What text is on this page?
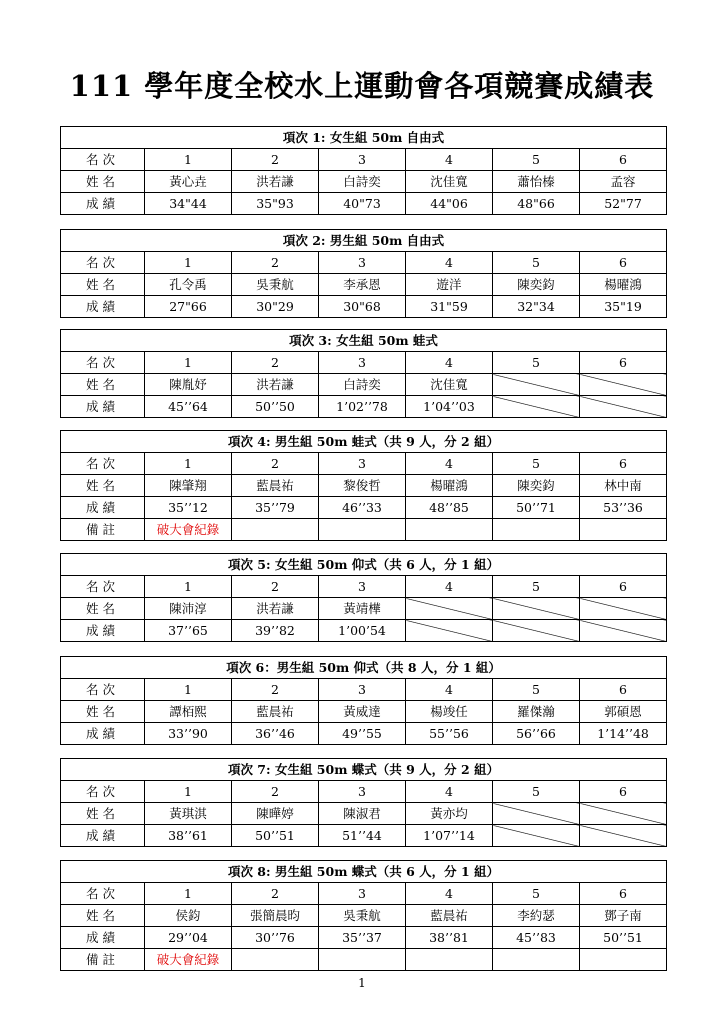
111 學年度全校水上運動會各項競賽成績表
項次 1: 女生組 50m 自由式						
名次	1	2	3	4	5	6
姓名	黃心垚	洪若謙	白詩奕	沈佳寬	蕭怡榛	孟容
成績	34"44	35"93	40"73	44"06	48"66	52"77
項次 2: 男生組 50m 自由式						
名次	1	2	3	4	5	6
姓名	孔令禹	吳秉航	李承恩	遊洋	陳奕鈞	楊曜鴻
成績	27"66	30"29	30"68	31"59	32"34	35"19
項次 3: 女生組 50m 蛙式						
名次	1	2	3	4	5	6
姓名	陳胤妤	洪若謙	白詩奕	沈佳寬		
成績	45’’64	50’’50	1’02’’78	1’04’’03		
項次 4: 男生組 50m 蛙式（共 9 人，分 2 組）						
名次	1	2	3	4	5	6
姓名	陳肇翔	藍晨祐	黎俊哲	楊曜鴻	陳奕鈞	林中南
成績	35’’12	35’’79	46’’33	48’’85	50’’71	53’’36
備註	破大會紀錄					
項次 5: 女生組 50m 仰式（共 6 人，分 1 組）						
名次	1	2	3	4	5	6
姓名	陳沛淳	洪若謙	黃靖樺			
成績	37’’65	39’’82	1’00’54			
項次 6：男生組 50m 仰式（共 8 人，分 1 組）						
名次	1	2	3	4	5	6
姓名	譚栢熙	藍晨祐	黃威達	楊竣任	羅傑瀚	郭碩恩
成績	33’’90	36’’46	49’’55	55’’56	56’’66	1’14’’48
項次 7: 女生組 50m 蝶式（共 9 人，分 2 組）						
名次	1	2	3	4	5	6
姓名	黃琪淇	陳曄婷	陳淑君	黃亦均		
成績	38’’61	50’’51	51’’44	1’07’’14		
項次 8: 男生組 50m 蝶式（共 6 人，分 1 組）						
名次	1	2	3	4	5	6
姓名	侯鈞	張簡晨昀	吳秉航	藍晨祐	李約瑟	鄧子南
成績	29’’04	30’’76	35’’37	38’’81	45’’83	50’’51
備註	破大會紀錄					
1
